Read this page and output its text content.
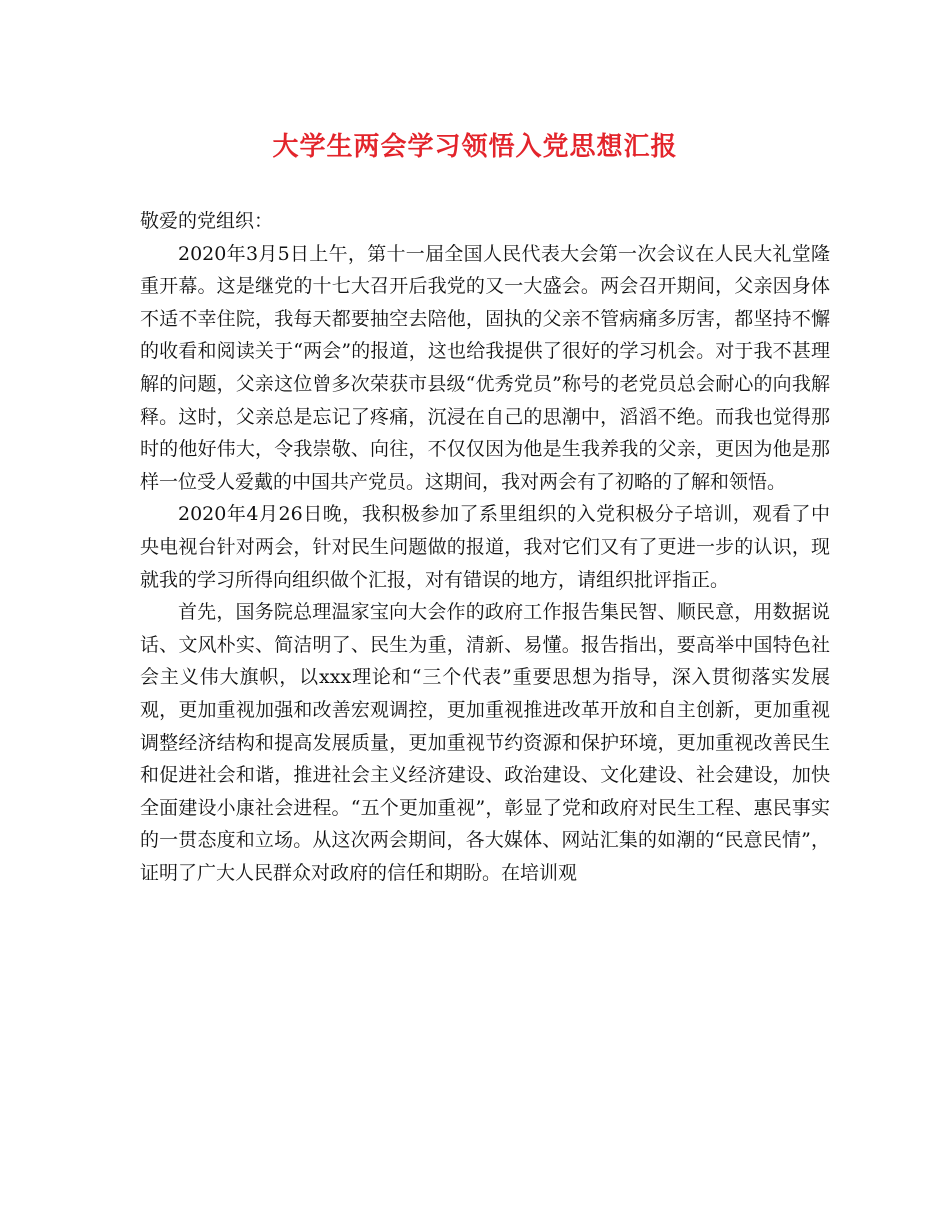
大学生两会学习领悟入党思想汇报

敬爱的党组织：

2020年3月5日上午，第十一届全国人民代表大会第一次会议在人民大礼堂隆重开幕。这是继党的十七大召开后我党的又一大盛会。两会召开期间，父亲因身体不适不幸住院，我每天都要抽空去陪他，固执的父亲不管病痛多厉害，都坚持不懈的收看和阅读关于“两会”的报道，这也给我提供了很好的学习机会。对于我不甚理解的问题，父亲这位曾多次荣获市县级“优秀党员”称号的老党员总会耐心的向我解释。这时，父亲总是忘记了疼痛，沉浸在自己的思潮中，滔滔不绝。而我也觉得那时的他好伟大，令我崇敬、向往，不仅仅因为他是生我养我的父亲，更因为他是那样一位受人爱戴的中国共产党员。这期间，我对两会有了初略的了解和领悟。

2020年4月26日晚，我积极参加了系里组织的入党积极分子培训，观看了中央电视台针对两会，针对民生问题做的报道，我对它们又有了更进一步的认识，现就我的学习所得向组织做个汇报，对有错误的地方，请组织批评指正。

首先，国务院总理温家宝向大会作的政府工作报告集民智、顺民意，用数据说话、文风朴实、简洁明了、民生为重，清新、易懂。报告指出，要高举中国特色社会主义伟大旗帜，以xxx理论和“三个代表”重要思想为指导，深入贯彻落实发展观，更加重视加强和改善宏观调控，更加重视推进改革开放和自主创新，更加重视调整经济结构和提高发展质量，更加重视节约资源和保护环境，更加重视改善民生和促进社会和谐，推进社会主义经济建设、政治建设、文化建设、社会建设，加快全面建设小康社会进程。“五个更加重视”，彰显了党和政府对民生工程、惠民事实的一贯态度和立场。从这次两会期间，各大媒体、网站汇集的如潮的“民意民情”，证明了广大人民群众对政府的信任和期盼。在培训观
